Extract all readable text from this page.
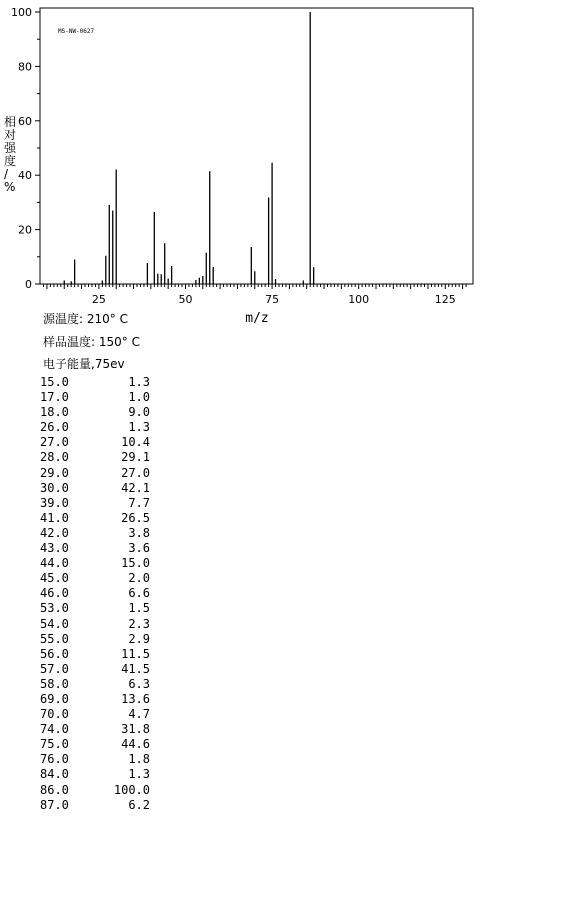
MS-NW-0627
0
20
40
60
80
100
25	50	75	100	125
相对强度/ %
m/z
源温度: 210° C
样品温度: 150° C
电子能量,75ev
15.0	1.3
17.0	1.0
18.0	9.0
26.0	1.3
27.0	10.4
28.0	29.1
29.0	27.0
30.0	42.1
39.0	7.7
41.0	26.5
42.0	3.8
43.0	3.6
44.0	15.0
45.0	2.0
46.0	6.6
53.0	1.5
54.0	2.3
55.0	2.9
56.0	11.5
57.0	41.5
58.0	6.3
69.0	13.6
70.0	4.7
74.0	31.8
75.0	44.6
76.0	1.8
84.0	1.3
86.0	100.0
87.0	6.2
